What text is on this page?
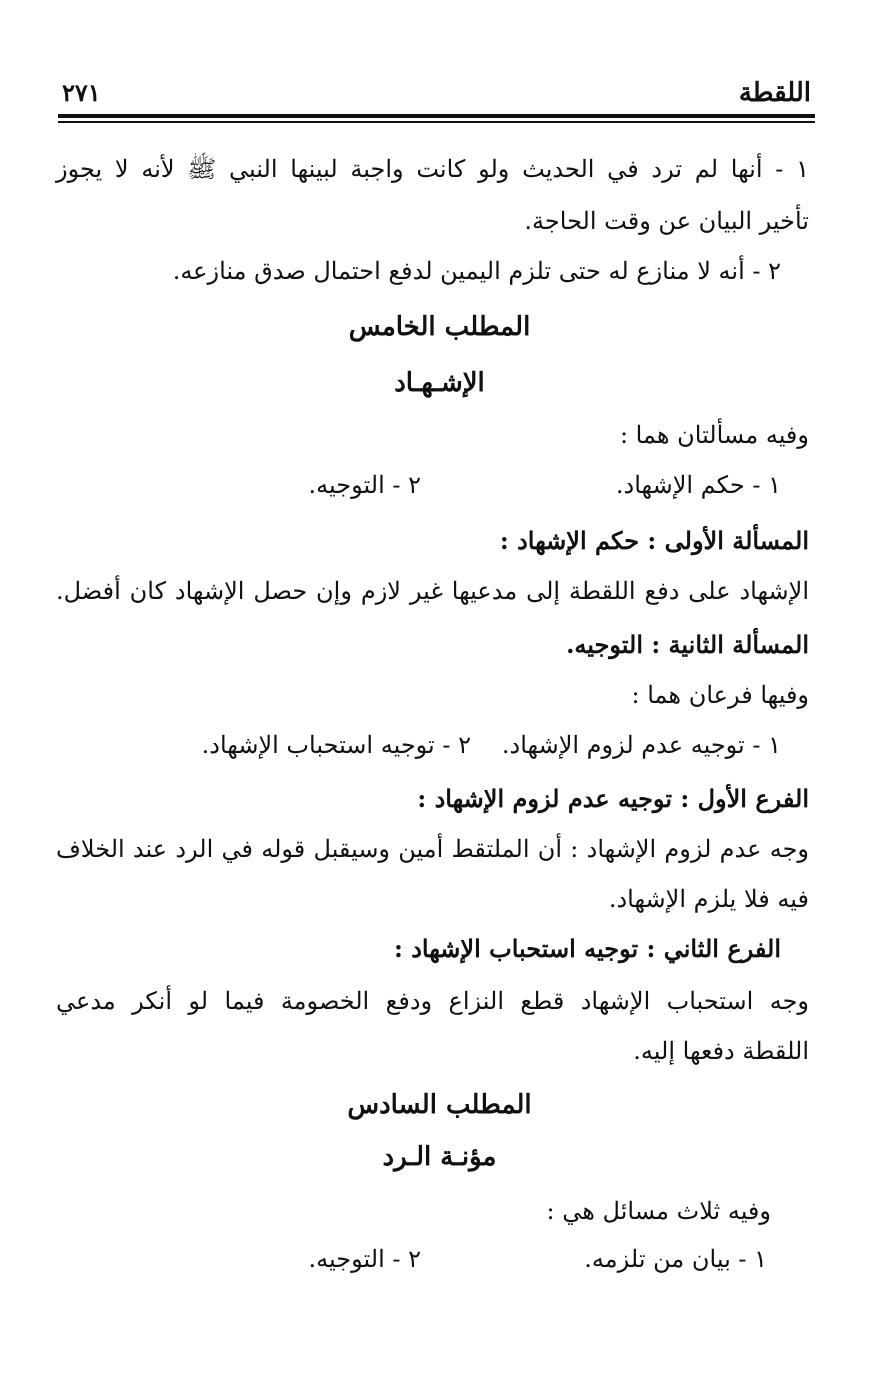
اللقطة
٢٧١
١ - أنها لم ترد في الحديث ولو كانت واجبة لبينها النبي ﷺ لأنه لا يجوز
تأخير البيان عن وقت الحاجة.
٢ - أنه لا منازع له حتى تلزم اليمين لدفع احتمال صدق منازعه.
المطلب الخامس
الإشـهـاد
وفيه مسألتان هما :
١ - حكم الإشهاد.
٢ - التوجيه.
المسألة الأولى : حكم الإشهاد :
الإشهاد على دفع اللقطة إلى مدعيها غير لازم وإن حصل الإشهاد كان أفضل.
المسألة الثانية : التوجيه.
وفيها فرعان هما :
١ - توجيه عدم لزوم الإشهاد.
٢ - توجيه استحباب الإشهاد.
الفرع الأول : توجيه عدم لزوم الإشهاد :
وجه عدم لزوم الإشهاد : أن الملتقط أمين وسيقبل قوله في الرد عند الخلاف
فيه فلا يلزم الإشهاد.
الفرع الثاني : توجيه استحباب الإشهاد :
وجه استحباب الإشهاد قطع النزاع ودفع الخصومة فيما لو أنكر مدعي
اللقطة دفعها إليه.
المطلب السادس
مؤنـة الـرد
وفيه ثلاث مسائل هي :
١ - بيان من تلزمه.
٢ - التوجيه.
